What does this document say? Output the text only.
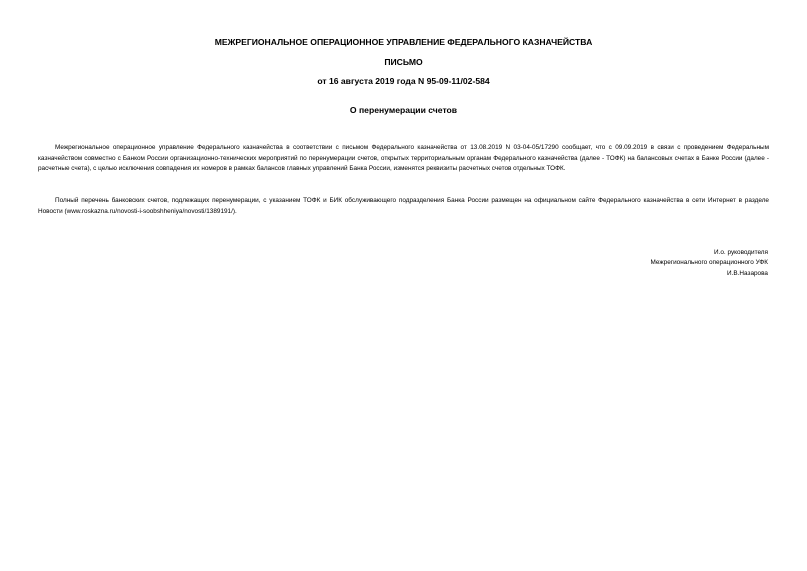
МЕЖРЕГИОНАЛЬНОЕ ОПЕРАЦИОННОЕ УПРАВЛЕНИЕ ФЕДЕРАЛЬНОГО КАЗНАЧЕЙСТВА
ПИСЬМО
от 16 августа 2019 года N 95-09-11/02-584
О перенумерации счетов

Межрегиональное операционное управление Федерального казначейства в соответствии с письмом Федерального казначейства от 13.08.2019 N 03-04-05/17290 сообщает, что с 09.09.2019 в связи с проведением Федеральным казначейством совместно с Банком России организационно-технических мероприятий по перенумерации счетов, открытых территориальным органам Федерального казначейства (далее - ТОФК) на балансовых счетах в Банке России (далее - расчетные счета), с целью исключения совпадения их номеров в рамках балансов главных управлений Банка России, изменятся реквизиты расчетных счетов отдельных ТОФК.

Полный перечень банковских счетов, подлежащих перенумерации, с указанием ТОФК и БИК обслуживающего подразделения Банка России размещен на официальном сайте Федерального казначейства в сети Интернет в разделе Новости (www.roskazna.ru/novosti-i-soobshheniya/novosti/1389191/).

И.о. руководителя
Межрегионального операционного УФК
И.В.Назарова
